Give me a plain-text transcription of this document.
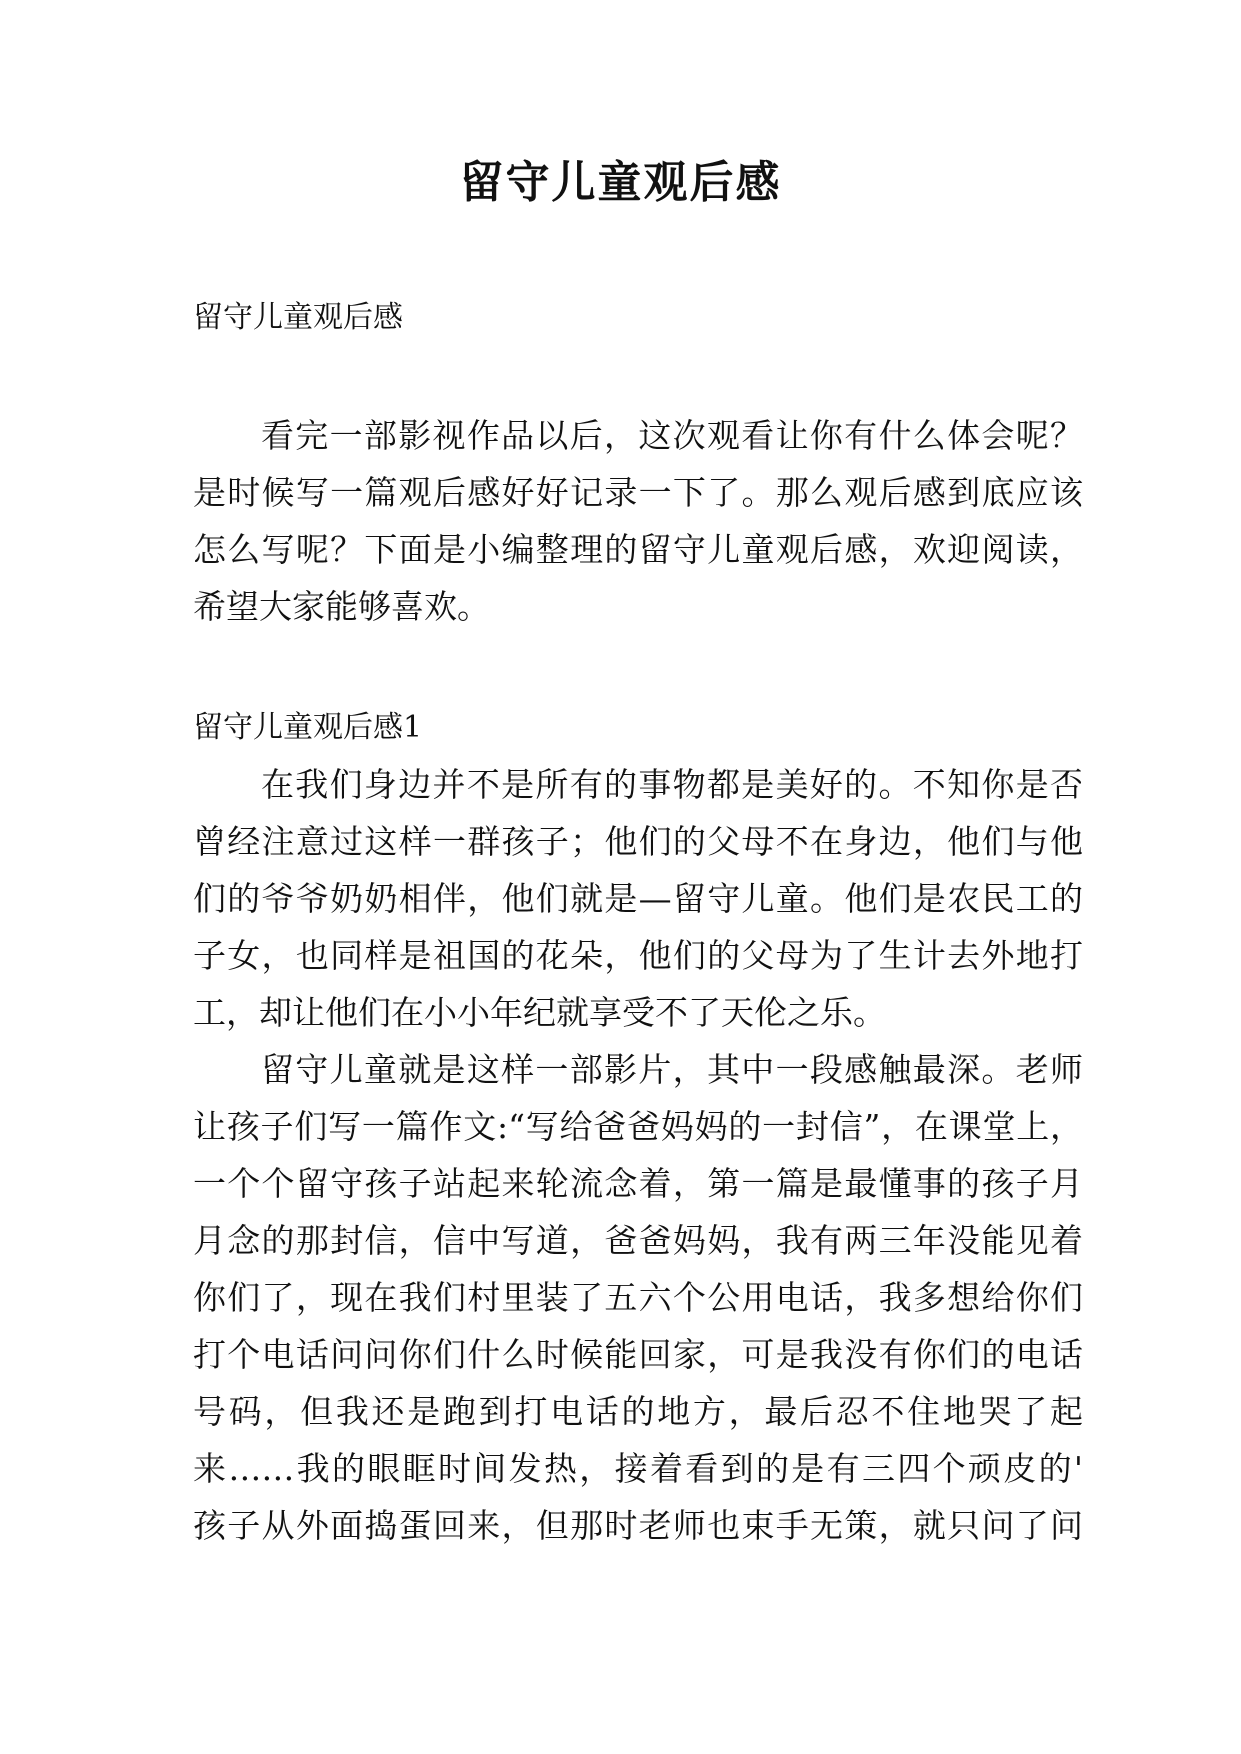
留守儿童观后感
留守儿童观后感
看完一部影视作品以后，这次观看让你有什么体会呢？
是时候写一篇观后感好好记录一下了。那么观后感到底应该
怎么写呢？下面是小编整理的留守儿童观后感，欢迎阅读，
希望大家能够喜欢。
留守儿童观后感1
在我们身边并不是所有的事物都是美好的。不知你是否
曾经注意过这样一群孩子；他们的父母不在身边，他们与他
们的爷爷奶奶相伴，他们就是—留守儿童。他们是农民工的
子女，也同样是祖国的花朵，他们的父母为了生计去外地打
工，却让他们在小小年纪就享受不了天伦之乐。
留守儿童就是这样一部影片，其中一段感触最深。老师
让孩子们写一篇作文:“写给爸爸妈妈的一封信”，在课堂上，
一个个留守孩子站起来轮流念着，第一篇是最懂事的孩子月
月念的那封信，信中写道，爸爸妈妈，我有两三年没能见着
你们了，现在我们村里装了五六个公用电话，我多想给你们
打个电话问问你们什么时候能回家，可是我没有你们的电话
号码，但我还是跑到打电话的地方，最后忍不住地哭了起
来……我的眼眶时间发热，接着看到的是有三四个顽皮的'
孩子从外面捣蛋回来，但那时老师也束手无策，就只问了问
